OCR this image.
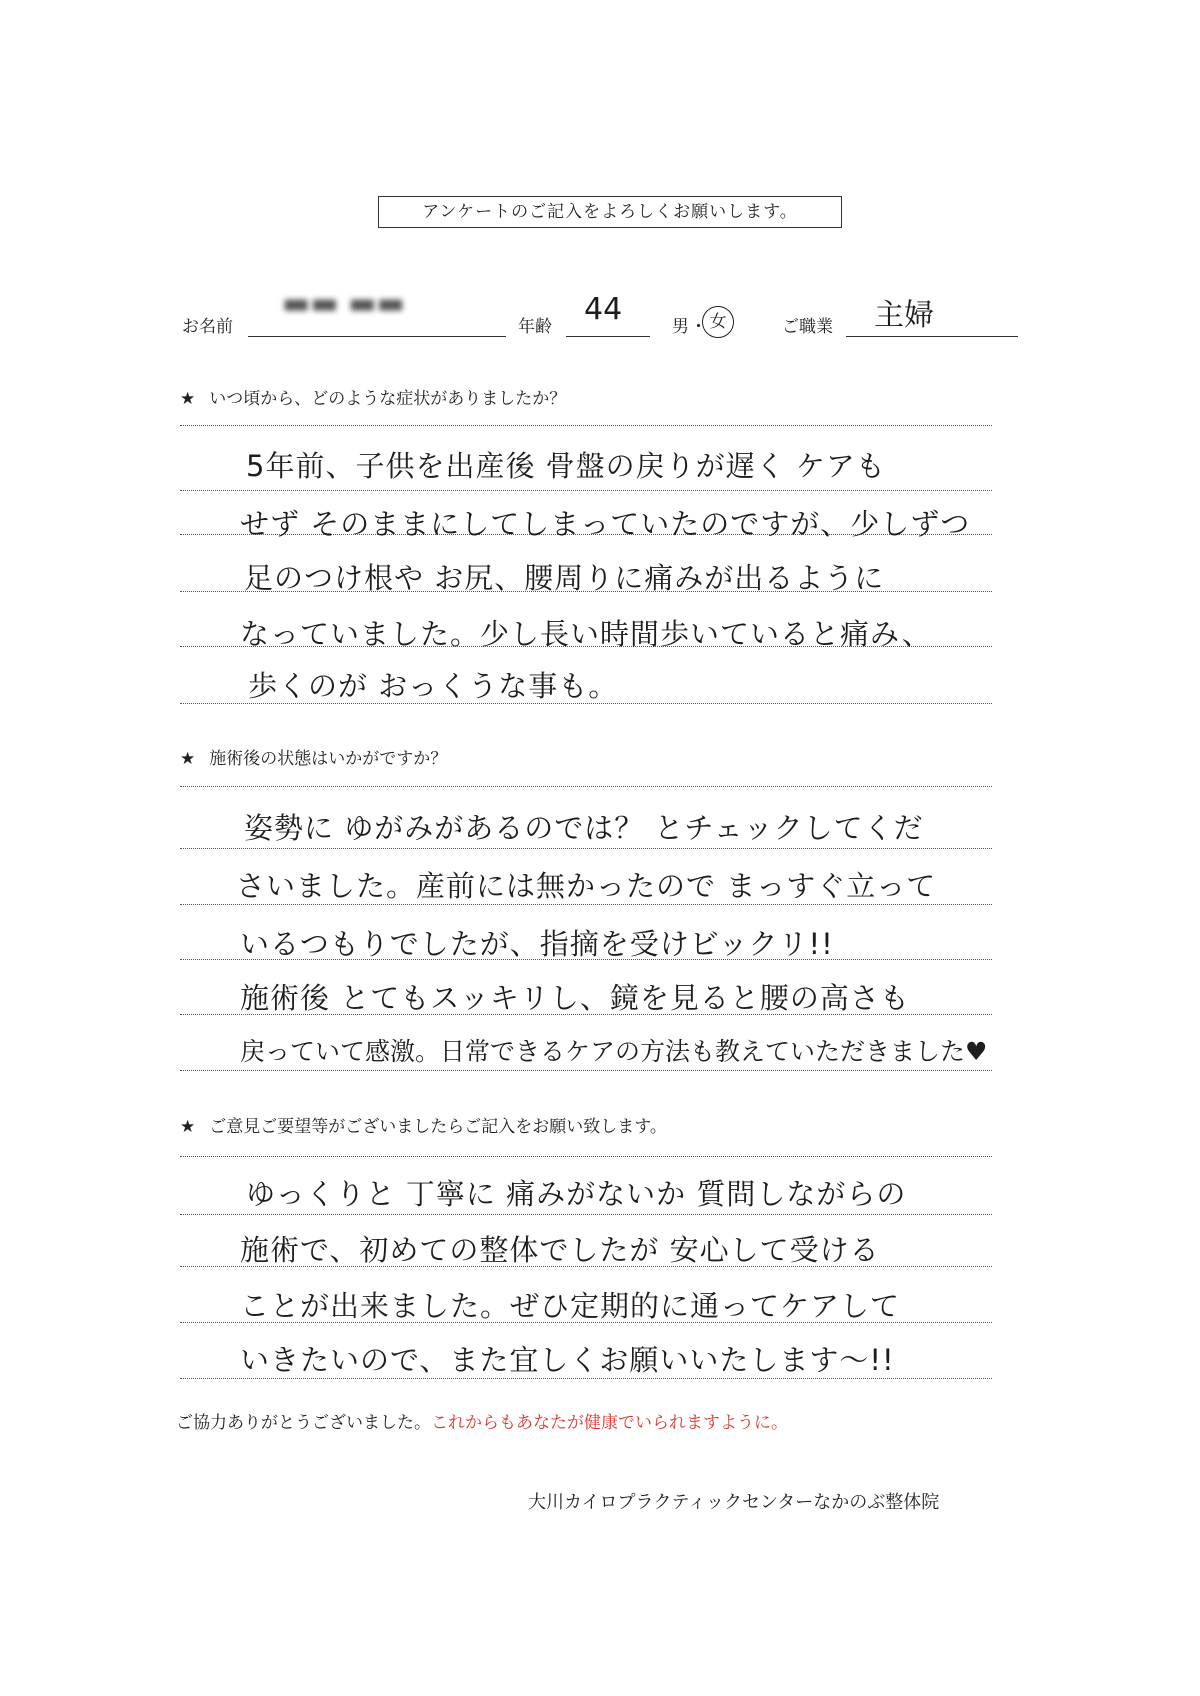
アンケートのご記入をよろしくお願いします。
お名前
▬▬ ▬▬
年齢 44	男 ・ 女	ご職業 主婦
★ いつ頃から、どのような症状がありましたか？
5年前、子供を出産後 骨盤の戻りが遅く ケアも
せず そのままにしてしまっていたのですが、少しずつ
足のつけ根や お尻、腰周りに痛みが出るように
なっていました。少し長い時間歩いていると痛み、
歩くのが おっくうな事も。
★ 施術後の状態はいかがですか？
姿勢に ゆがみがあるのでは？ とチェックしてくだ
さいました。産前には無かったので まっすぐ立って
いるつもりでしたが、指摘を受けビックリ!!
施術後 とてもスッキリし、鏡を見ると腰の高さも
戻っていて感激。日常できるケアの方法も教えていただきました♥
★ ご意見ご要望等がございましたらご記入をお願い致します。
ゆっくりと 丁寧に 痛みがないか 質問しながらの
施術で、初めての整体でしたが 安心して受ける
ことが出来ました。ぜひ定期的に通ってケアして
いきたいので、また宜しくお願いいたします〜!!
ご協力ありがとうございました。これからもあなたが健康でいられますように。
大川カイロプラクティックセンターなかのぶ整体院
